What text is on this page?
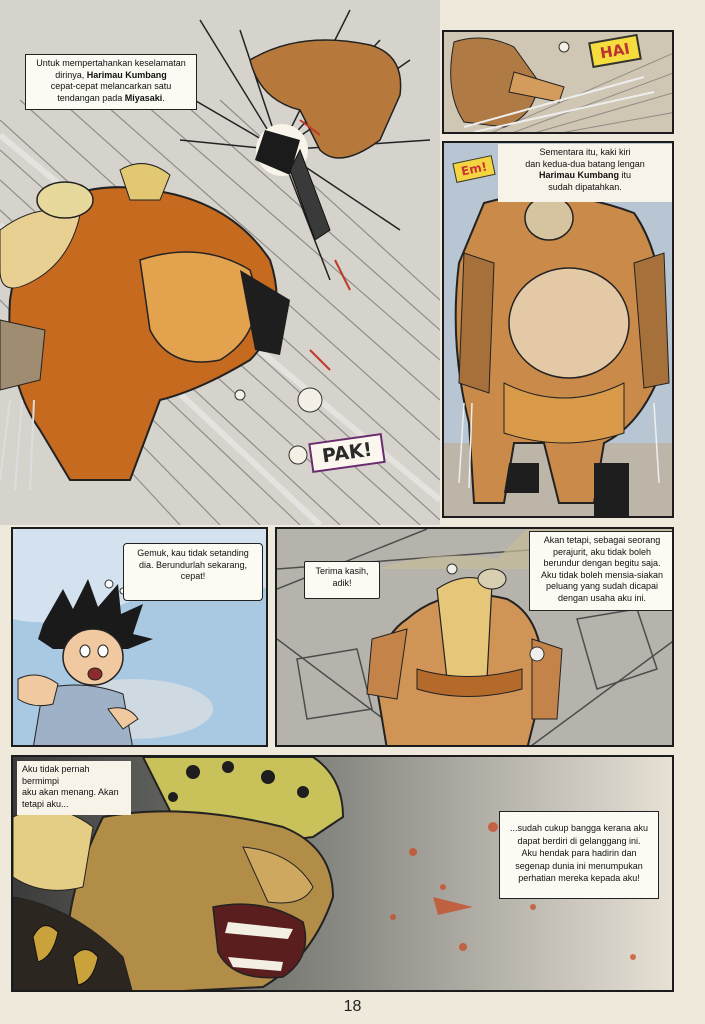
Untuk mempertahankan keselamatan
dirinya, Harimau Kumbang
cepat-cepat melancarkan satu
tendangan pada Miyasaki.
PAK!
HAI
Em!
Sementara itu, kaki kiri
dan kedua-dua batang lengan
Harimau Kumbang itu
sudah dipatahkan.
Gemuk, kau tidak setanding
dia. Berundurlah sekarang,
cepat!	Terima kasih,
adik!
Akan tetapi, sebagai seorang
perajurit, aku tidak boleh
berundur dengan begitu saja.
Aku tidak boleh mensia-siakan
peluang yang sudah dicapai
dengan usaha aku ini.
Aku tidak pernah bermimpi
aku akan menang. Akan
tetapi aku...
...sudah cukup bangga kerana aku
dapat berdiri di gelanggang ini.
Aku hendak para hadirin dan
segenap dunia ini menumpukan
perhatian mereka kepada aku!
18
